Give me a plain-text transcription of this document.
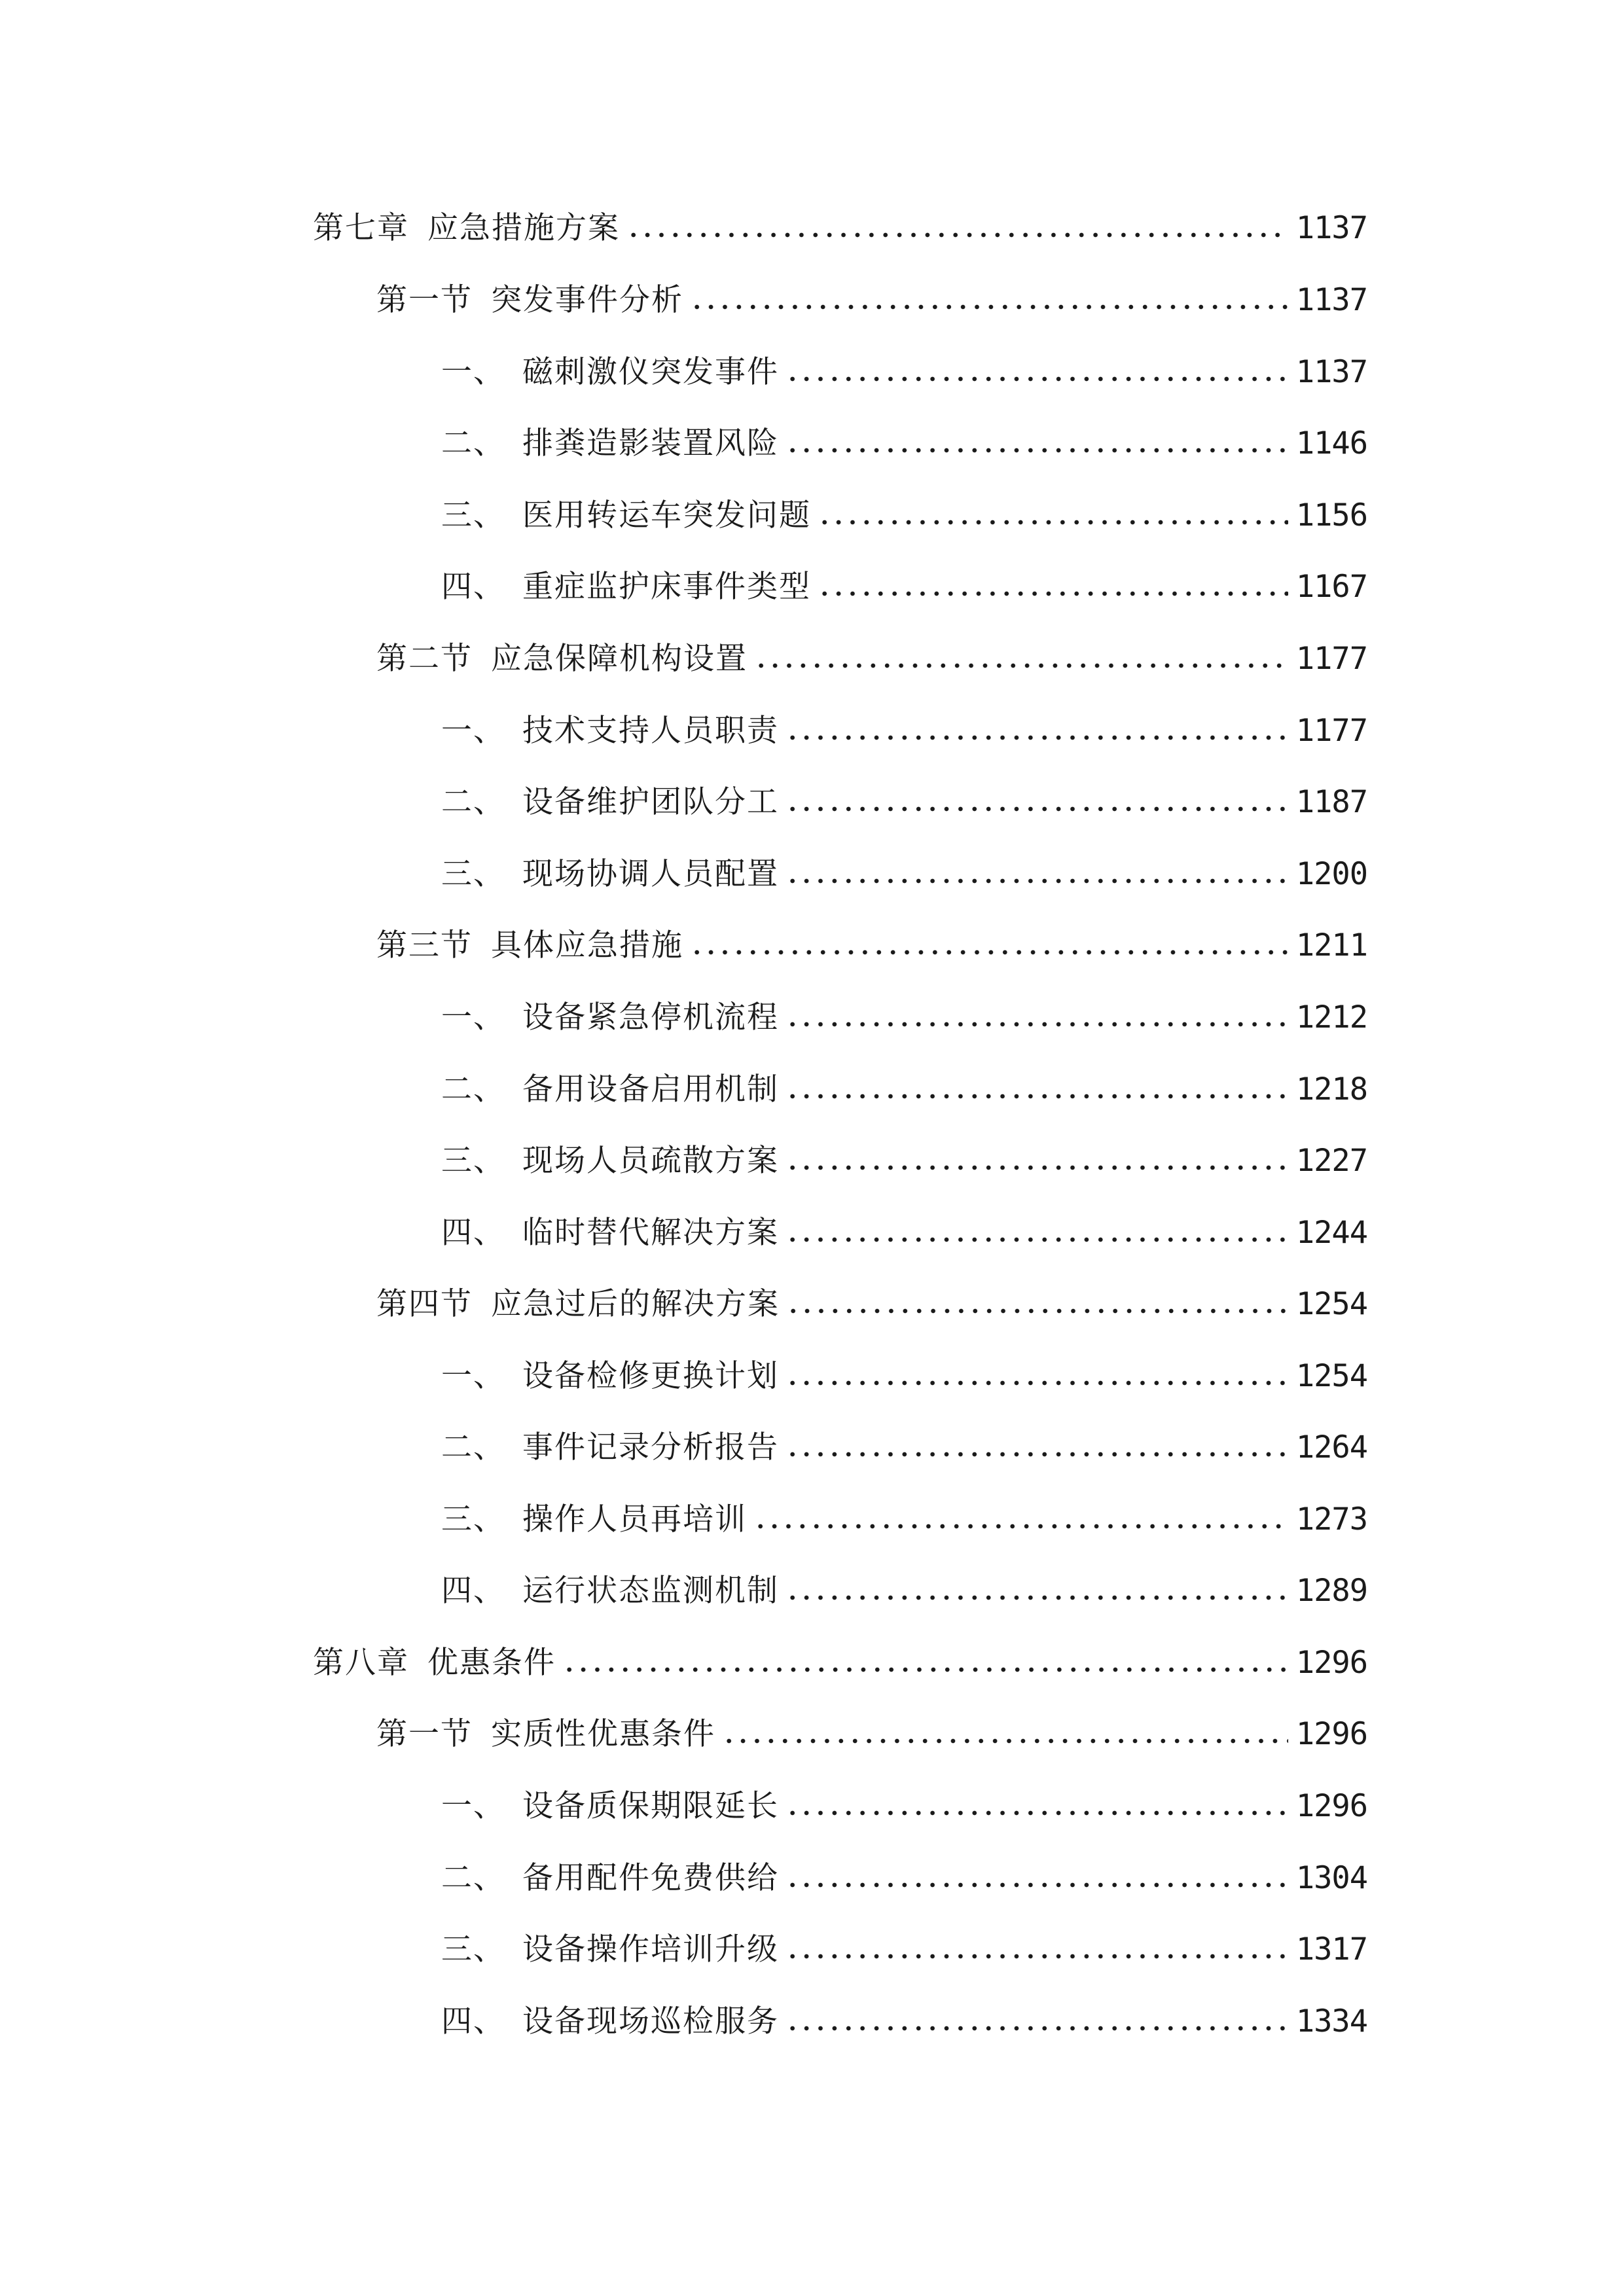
第七章 应急措施方案	1137
第一节 突发事件分析	1137
一、 磁刺激仪突发事件	1137
二、 排粪造影装置风险	1146
三、 医用转运车突发问题	1156
四、 重症监护床事件类型	1167
第二节 应急保障机构设置	1177
一、 技术支持人员职责	1177
二、 设备维护团队分工	1187
三、 现场协调人员配置	1200
第三节 具体应急措施	1211
一、 设备紧急停机流程	1212
二、 备用设备启用机制	1218
三、 现场人员疏散方案	1227
四、 临时替代解决方案	1244
第四节 应急过后的解决方案	1254
一、 设备检修更换计划	1254
二、 事件记录分析报告	1264
三、 操作人员再培训	1273
四、 运行状态监测机制	1289
第八章 优惠条件	1296
第一节 实质性优惠条件	1296
一、 设备质保期限延长	1296
二、 备用配件免费供给	1304
三、 设备操作培训升级	1317
四、 设备现场巡检服务	1334
